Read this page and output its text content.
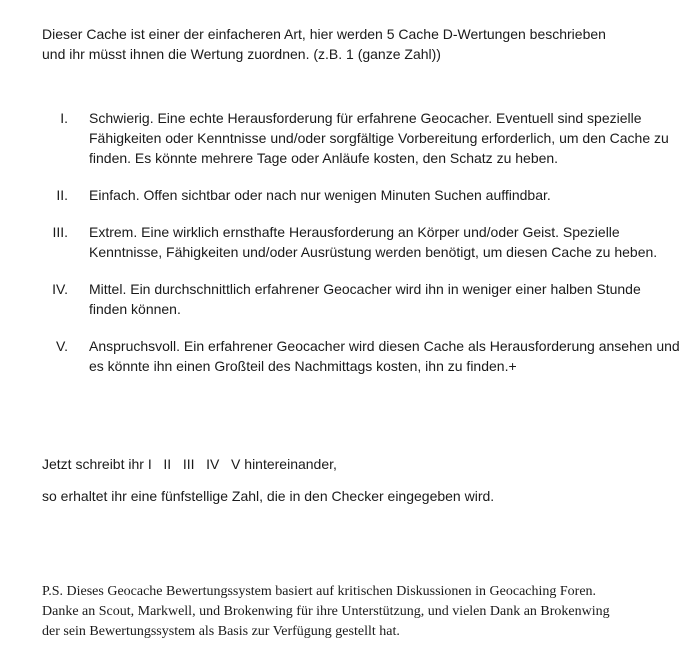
Dieser Cache ist einer der einfacheren Art, hier werden 5 Cache D-Wertungen beschrieben
und ihr müsst ihnen die Wertung zuordnen. (z.B. 1 (ganze Zahl))
I. Schwierig. Eine echte Herausforderung für erfahrene Geocacher. Eventuell sind spezielle Fähigkeiten oder Kenntnisse und/oder sorgfältige Vorbereitung erforderlich, um den Cache zu finden. Es könnte mehrere Tage oder Anläufe kosten, den Schatz zu heben.
II. Einfach. Offen sichtbar oder nach nur wenigen Minuten Suchen auffindbar.
III. Extrem. Eine wirklich ernsthafte Herausforderung an Körper und/oder Geist. Spezielle Kenntnisse, Fähigkeiten und/oder Ausrüstung werden benötigt, um diesen Cache zu heben.
IV. Mittel. Ein durchschnittlich erfahrener Geocacher wird ihn in weniger einer halben Stunde finden können.
V. Anspruchsvoll. Ein erfahrener Geocacher wird diesen Cache als Herausforderung ansehen und es könnte ihn einen Großteil des Nachmittags kosten, ihn zu finden.+

Jetzt schreibt ihr I   II   III   IV   V hintereinander,

so erhaltet ihr eine fünfstellige Zahl, die in den Checker eingegeben wird.

P.S. Dieses Geocache Bewertungssystem basiert auf kritischen Diskussionen in Geocaching Foren.
Danke an Scout, Markwell, und Brokenwing für ihre Unterstützung, und vielen Dank an Brokenwing
der sein Bewertungssystem als Basis zur Verfügung gestellt hat.
